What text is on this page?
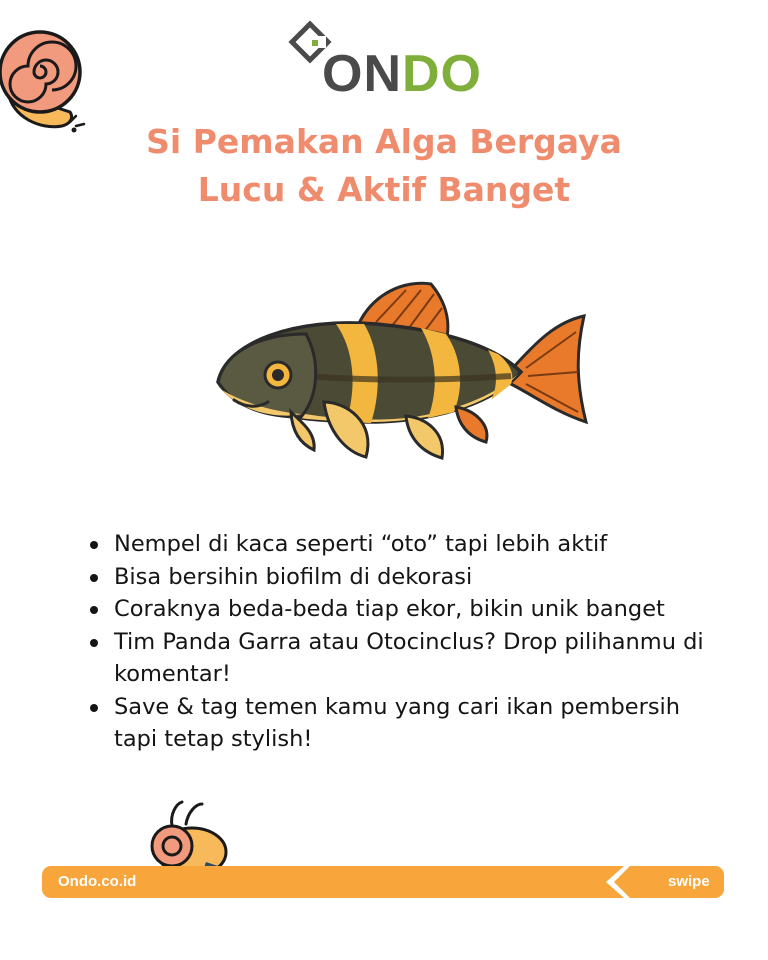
ONDO
Si Pemakan Alga Bergaya
Lucu & Aktif Banget
Nempel di kaca seperti “oto” tapi lebih aktif
Bisa bersihin biofilm di dekorasi
Coraknya beda-beda tiap ekor, bikin unik banget
Tim Panda Garra atau Otocinclus? Drop pilihanmu di komentar!
Save & tag temen kamu yang cari ikan pembersih tapi tetap stylish!
Ondo.co.id	swipe
